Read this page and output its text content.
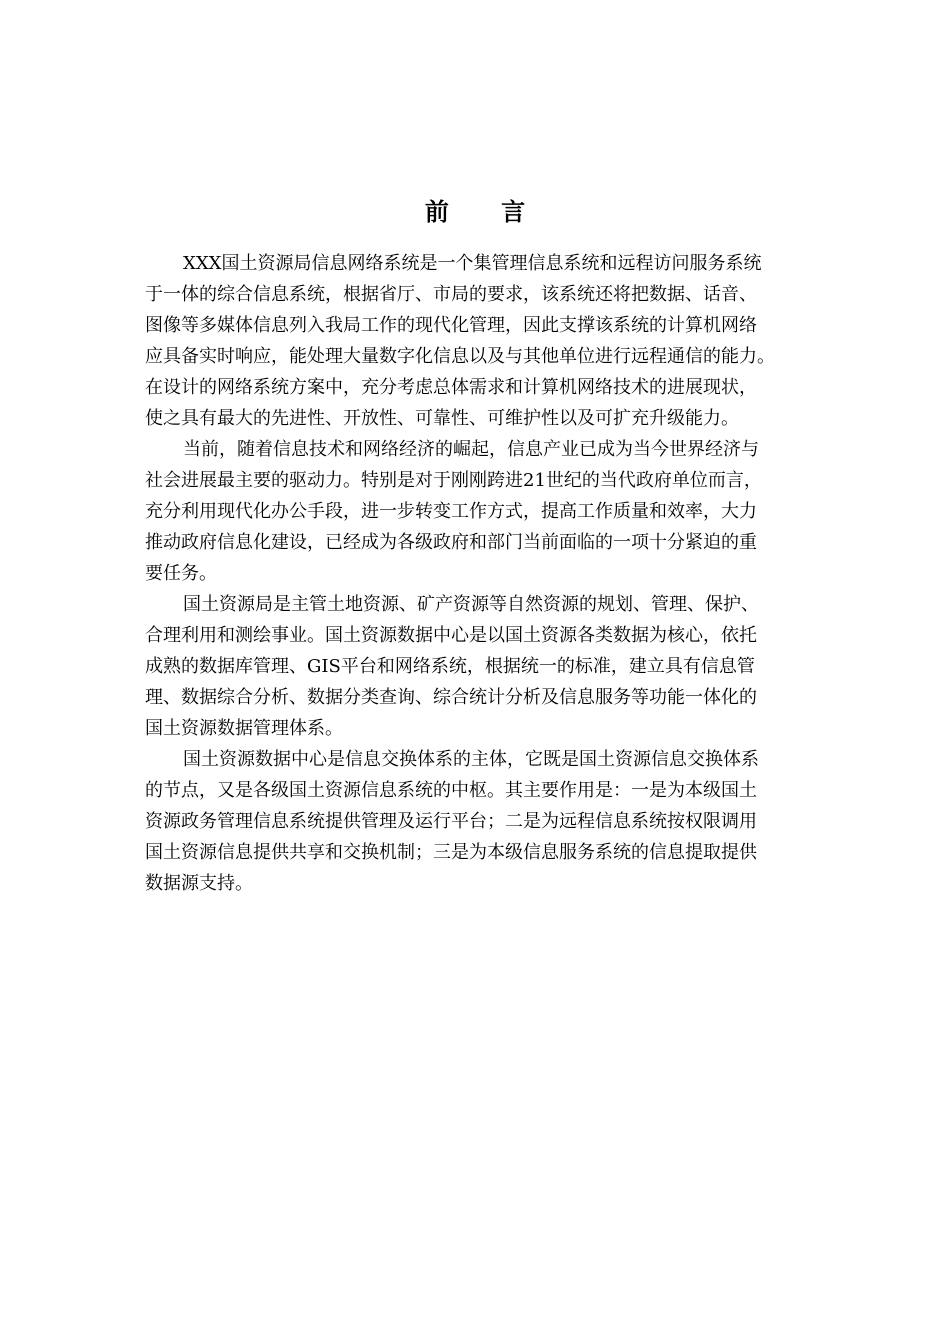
前 言

XXX国土资源局信息网络系统是一个集管理信息系统和远程访问服务系统
于一体的综合信息系统，根据省厅、市局的要求，该系统还将把数据、话音、
图像等多媒体信息列入我局工作的现代化管理，因此支撑该系统的计算机网络
应具备实时响应，能处理大量数字化信息以及与其他单位进行远程通信的能力。
在设计的网络系统方案中，充分考虑总体需求和计算机网络技术的进展现状，
使之具有最大的先进性、开放性、可靠性、可维护性以及可扩充升级能力。

当前，随着信息技术和网络经济的崛起，信息产业已成为当今世界经济与
社会进展最主要的驱动力。特别是对于刚刚跨进21世纪的当代政府单位而言，
充分利用现代化办公手段，进一步转变工作方式，提高工作质量和效率，大力
推动政府信息化建设，已经成为各级政府和部门当前面临的一项十分紧迫的重
要任务。

国土资源局是主管土地资源、矿产资源等自然资源的规划、管理、保护、
合理利用和测绘事业。国土资源数据中心是以国土资源各类数据为核心，依托
成熟的数据库管理、GIS平台和网络系统，根据统一的标准，建立具有信息管
理、数据综合分析、数据分类查询、综合统计分析及信息服务等功能一体化的
国土资源数据管理体系。

国土资源数据中心是信息交换体系的主体，它既是国土资源信息交换体系
的节点，又是各级国土资源信息系统的中枢。其主要作用是：一是为本级国土
资源政务管理信息系统提供管理及运行平台；二是为远程信息系统按权限调用
国土资源信息提供共享和交换机制；三是为本级信息服务系统的信息提取提供
数据源支持。
